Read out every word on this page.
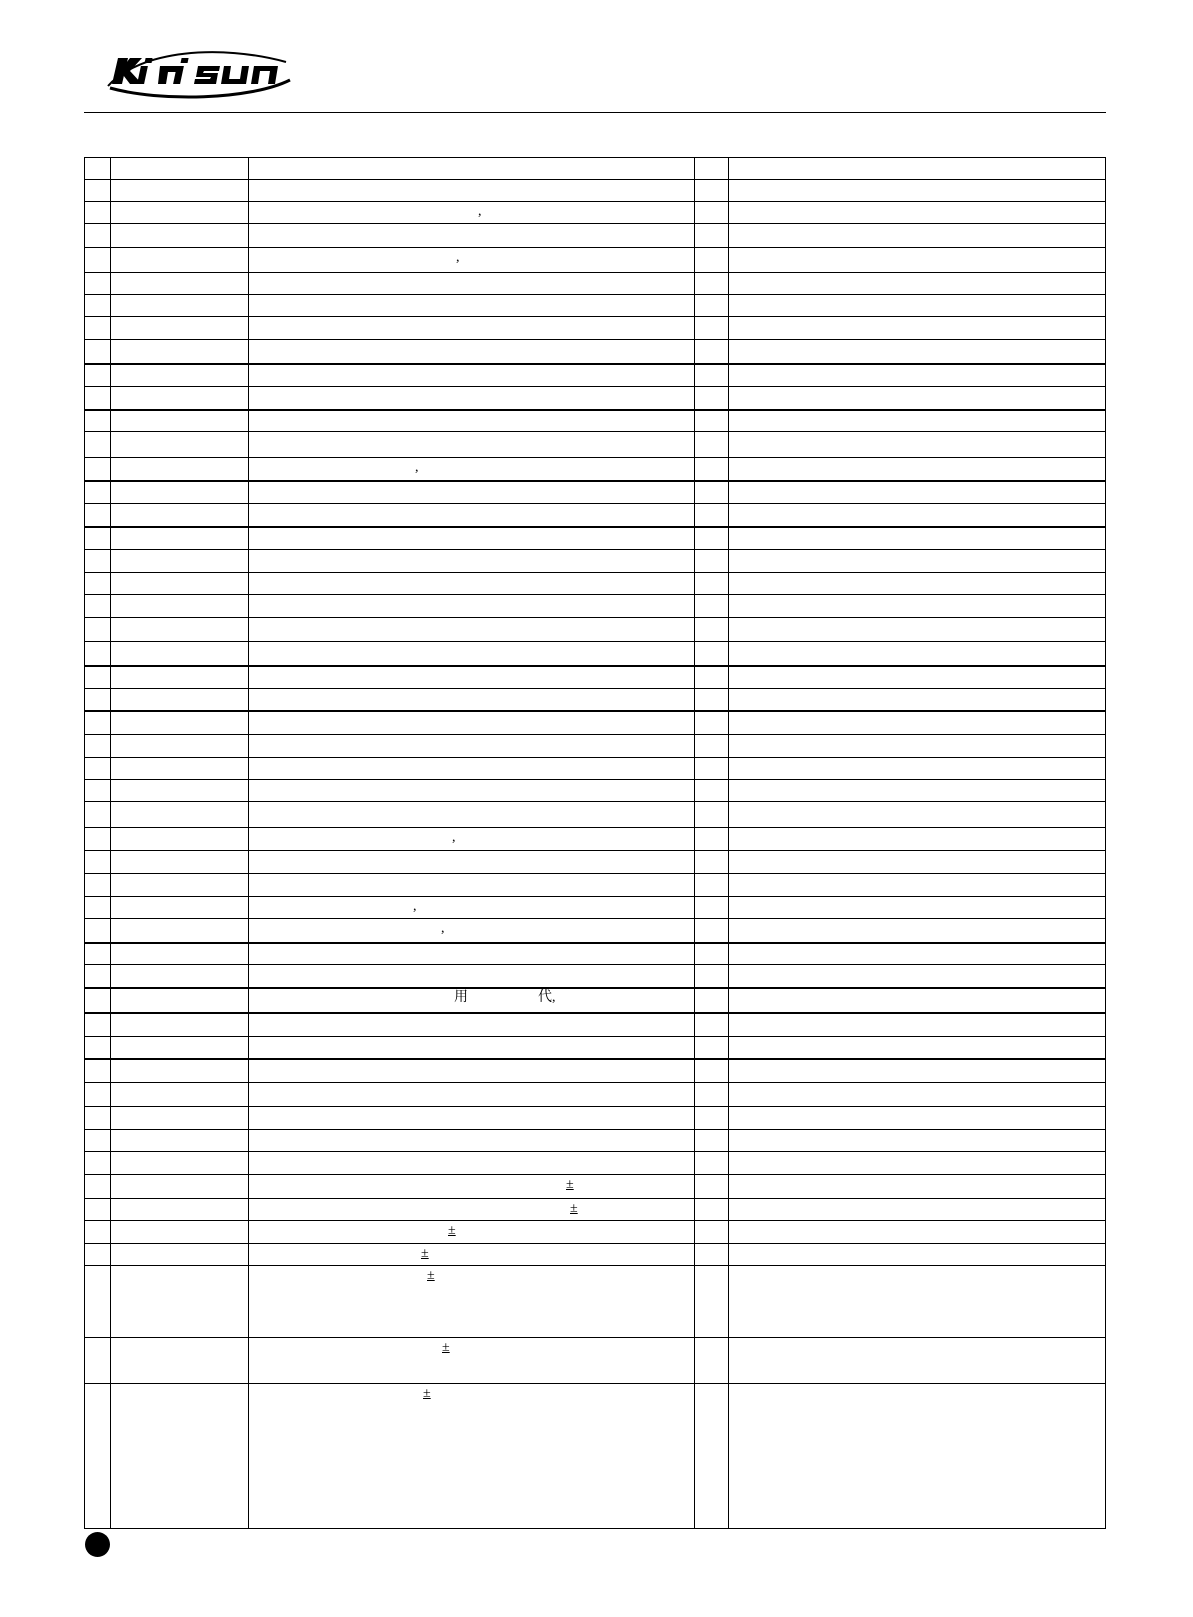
,
,
,
,
,
,
用	代,
±
±
±
±
±
±
±
